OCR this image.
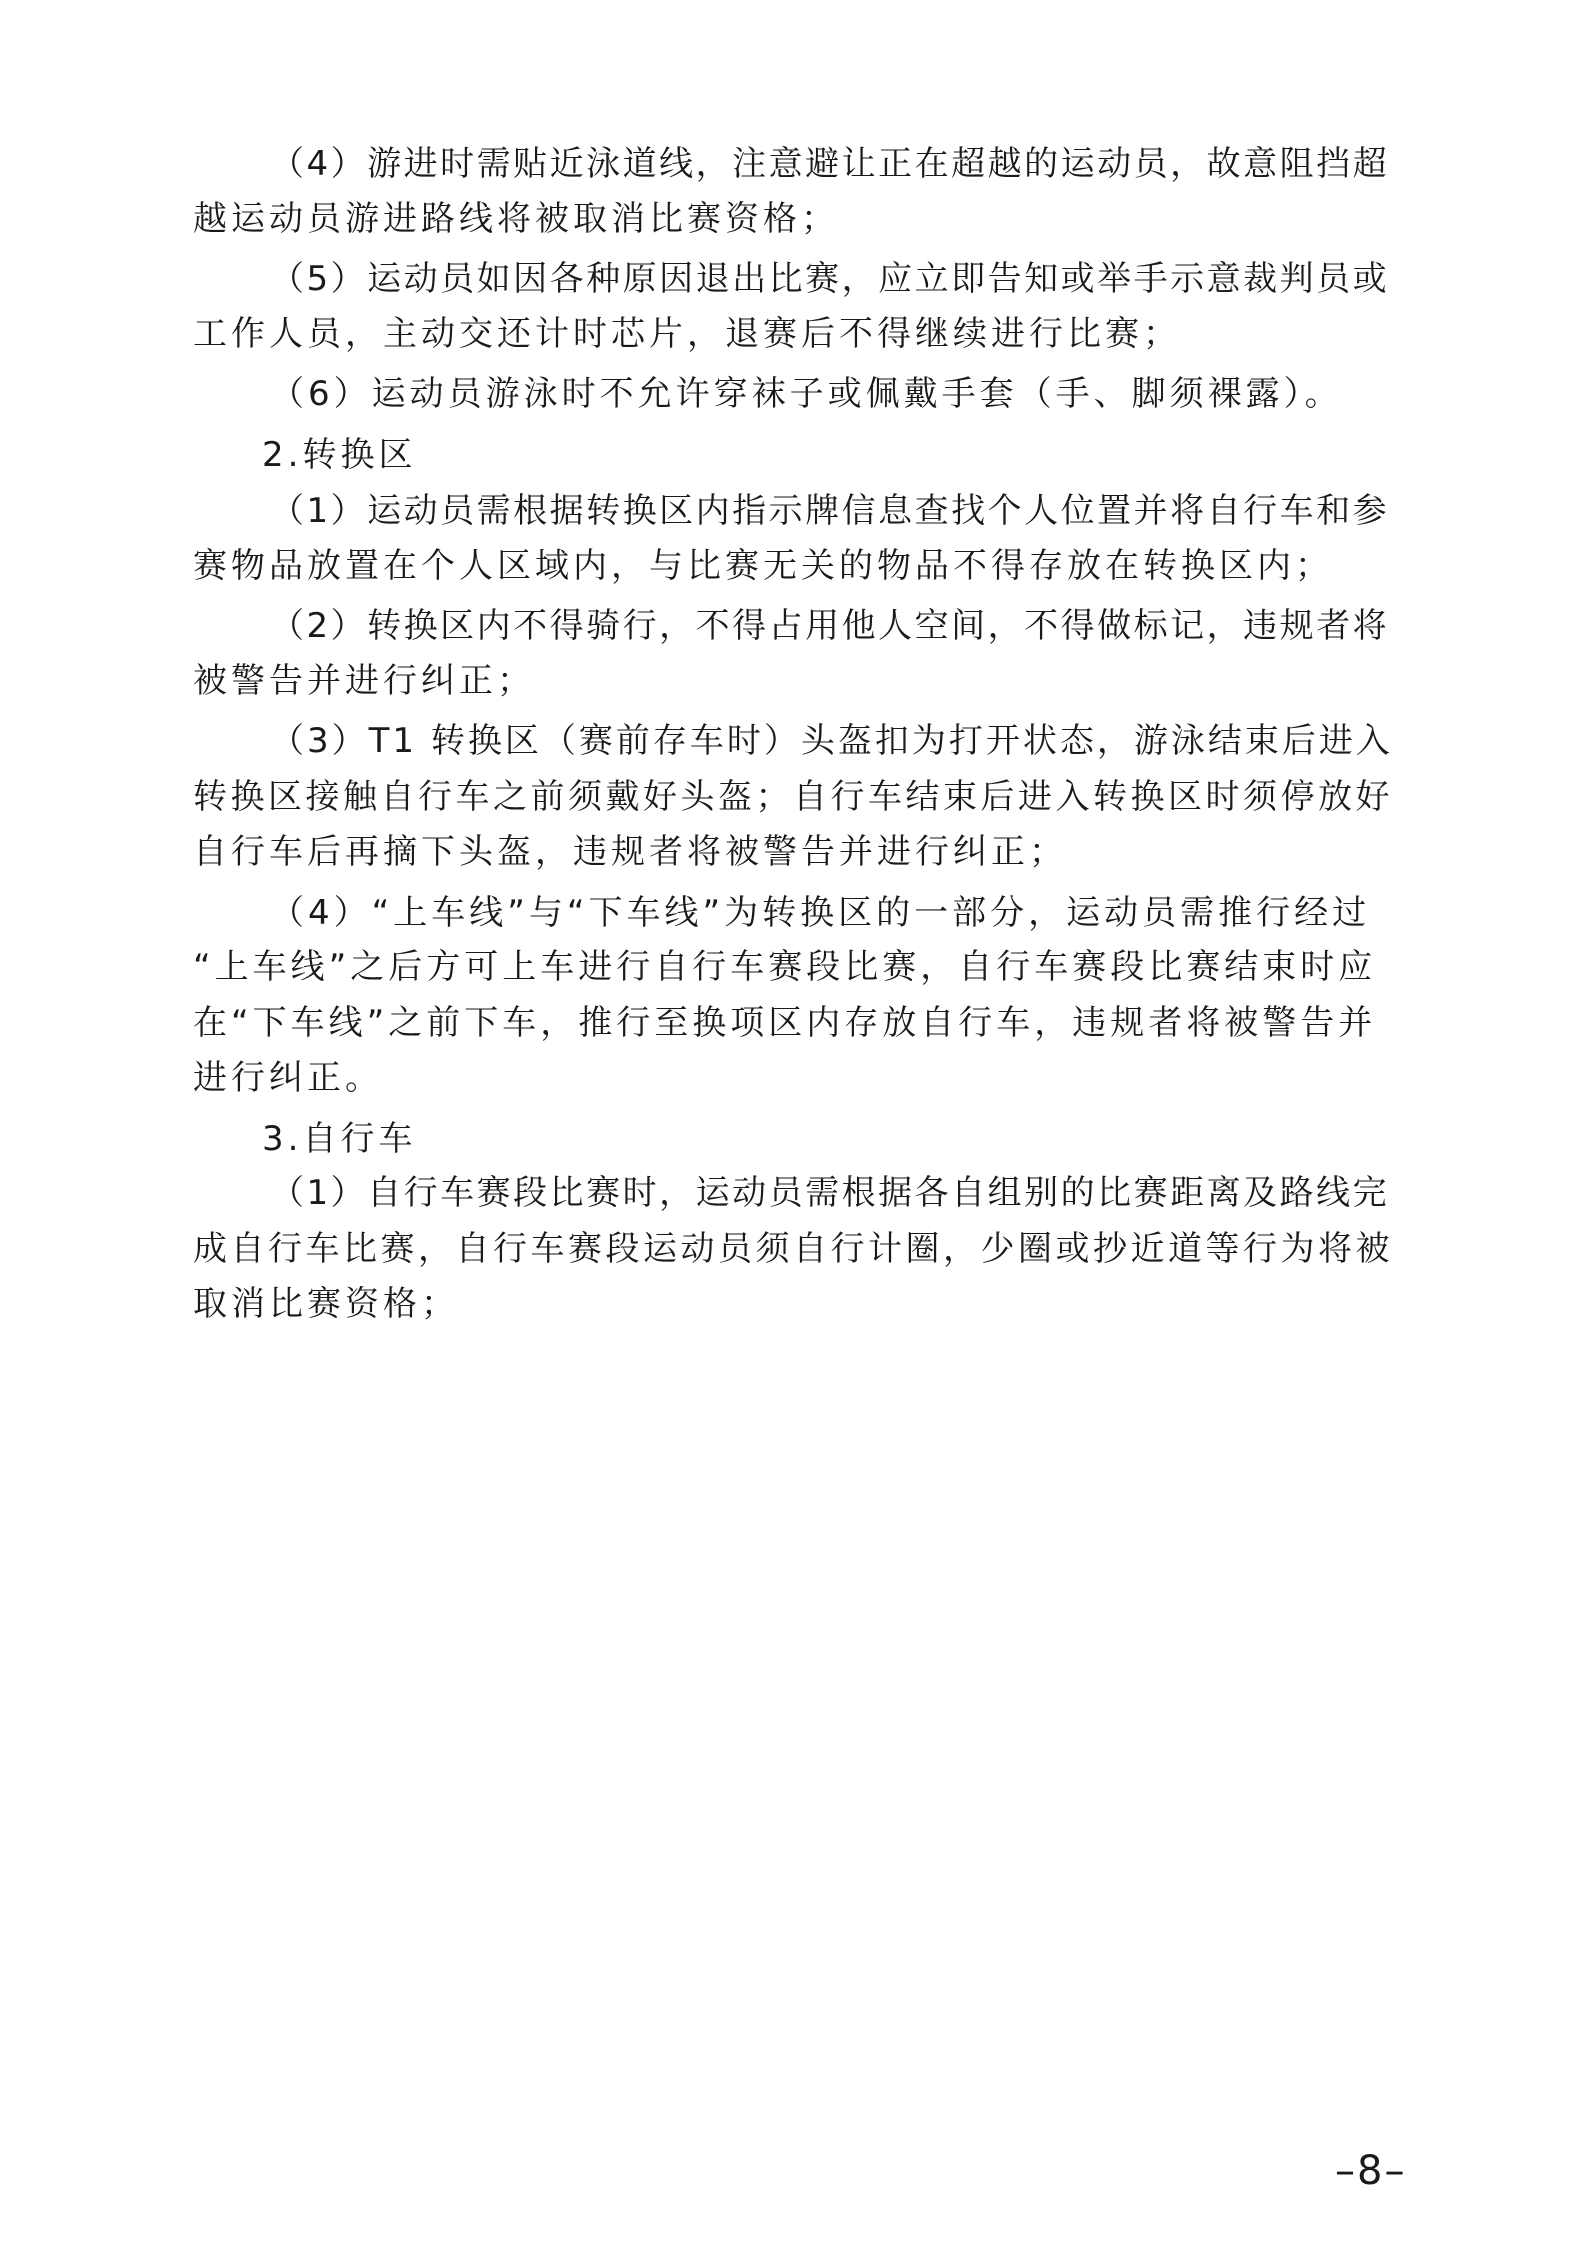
（4）游进时需贴近泳道线，注意避让正在超越的运动员，故意阻挡超
越运动员游进路线将被取消比赛资格；
（5）运动员如因各种原因退出比赛，应立即告知或举手示意裁判员或
工作人员，主动交还计时芯片，退赛后不得继续进行比赛；
（6）运动员游泳时不允许穿袜子或佩戴手套（手、脚须裸露）。
2.转换区
（1）运动员需根据转换区内指示牌信息查找个人位置并将自行车和参
赛物品放置在个人区域内，与比赛无关的物品不得存放在转换区内；
（2）转换区内不得骑行，不得占用他人空间，不得做标记，违规者将
被警告并进行纠正；
（3）T1 转换区（赛前存车时）头盔扣为打开状态，游泳结束后进入
转换区接触自行车之前须戴好头盔；自行车结束后进入转换区时须停放好
自行车后再摘下头盔，违规者将被警告并进行纠正；
（4）“上车线”与“下车线”为转换区的一部分，运动员需推行经过
“上车线”之后方可上车进行自行车赛段比赛，自行车赛段比赛结束时应
在“下车线”之前下车，推行至换项区内存放自行车，违规者将被警告并
进行纠正。
3.自行车
（1）自行车赛段比赛时，运动员需根据各自组别的比赛距离及路线完
成自行车比赛，自行车赛段运动员须自行计圈，少圈或抄近道等行为将被
取消比赛资格；
–8–
